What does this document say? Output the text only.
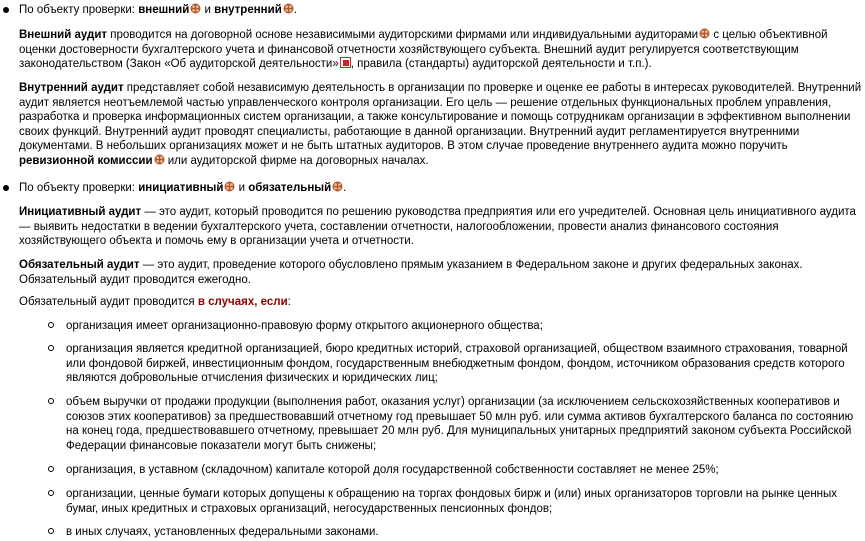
По объекту проверки: внешний и внутренний .

Внешний аудит проводится на договорной основе независимыми аудиторскими фирмами или индивидуальными аудиторами с целью объективной оценки достоверности бухгалтерского учета и финансовой отчетности хозяйствующего субъекта. Внешний аудит регулируется соответствующим законодательством (Закон «Об аудиторской деятельности» , правила (стандарты) аудиторской деятельности и т.п.).

Внутренний аудит представляет собой независимую деятельность в организации по проверке и оценке ее работы в интересах руководителей. Внутренний аудит является неотъемлемой частью управленческого контроля организации. Его цель — решение отдельных функциональных проблем управления, разработка и проверка информационных систем организации, а также консультирование и помощь сотрудникам организации в эффективном выполнении своих функций. Внутренний аудит проводят специалисты, работающие в данной организации. Внутренний аудит регламентируется внутренними документами. В небольших организациях может и не быть штатных аудиторов. В этом случае проведение внутреннего аудита можно поручить ревизионной комиссии или аудиторской фирме на договорных началах.

По объекту проверки: инициативный и обязательный .

Инициативный аудит — это аудит, который проводится по решению руководства предприятия или его учредителей. Основная цель инициативного аудита — выявить недостатки в ведении бухгалтерского учета, составлении отчетности, налогообложении, провести анализ финансового состояния хозяйствующего объекта и помочь ему в организации учета и отчетности.

Обязательный аудит — это аудит, проведение которого обусловлено прямым указанием в Федеральном законе и других федеральных законах. Обязательный аудит проводится ежегодно.

Обязательный аудит проводится в случаях, если:

организация имеет организационно-правовую форму открытого акционерного общества;
организация является кредитной организацией, бюро кредитных историй, страховой организацией, обществом взаимного страхования, товарной или фондовой биржей, инвестиционным фондом, государственным внебюджетным фондом, фондом, источником образования средств которого являются добровольные отчисления физических и юридических лиц;
объем выручки от продажи продукции (выполнения работ, оказания услуг) организации (за исключением сельскохозяйственных кооперативов и союзов этих кооперативов) за предшествовавший отчетному год превышает 50 млн руб. или сумма активов бухгалтерского баланса по состоянию на конец года, предшествовавшего отчетному, превышает 20 млн руб. Для муниципальных унитарных предприятий законом субъекта Российской Федерации финансовые показатели могут быть снижены;
организация, в уставном (складочном) капитале которой доля государственной собственности составляет не менее 25%;
организации, ценные бумаги которых допущены к обращению на торгах фондовых бирж и (или) иных организаторов торговли на рынке ценных бумаг, иных кредитных и страховых организаций, негосударственных пенсионных фондов;
в иных случаях, установленных федеральными законами.
